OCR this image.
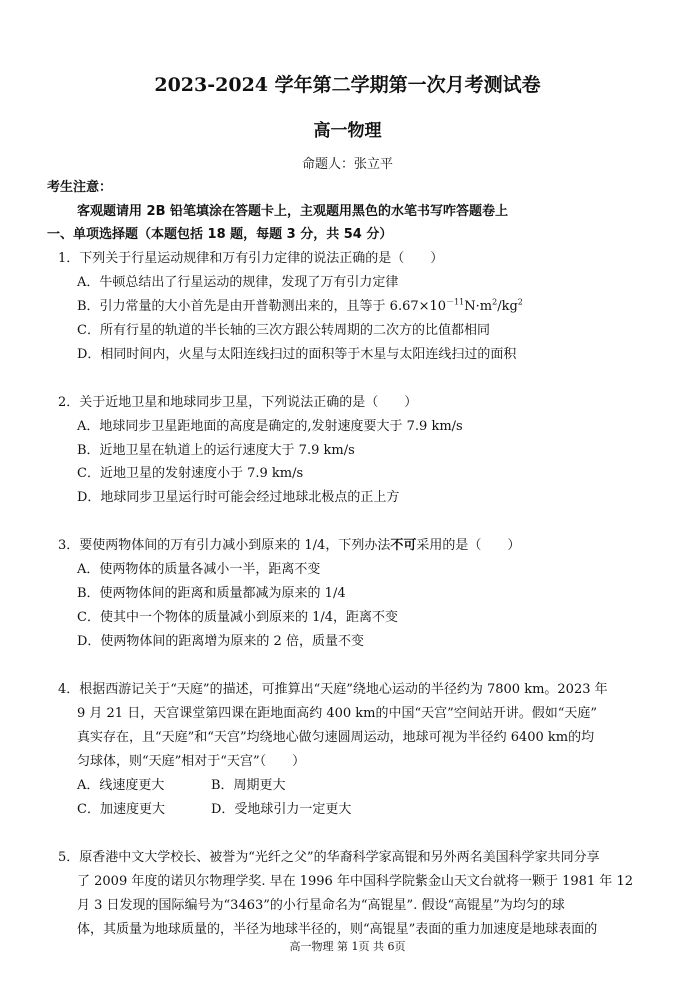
2023-2024 学年第二学期第一次月考测试卷
高一物理
命题人：张立平
考生注意：
客观题请用 2B 铅笔填涂在答题卡上，主观题用黑色的水笔书写咋答题卷上
一、单项选择题（本题包括 18 题，每题 3 分，共 54 分）
1．下列关于行星运动规律和万有引力定律的说法正确的是（　　）
A．牛顿总结出了行星运动的规律，发现了万有引力定律
B．引力常量的大小首先是由开普勒测出来的，且等于 $6.67\times 10^{-11}N\cdot m^2/kg^2$
C．所有行星的轨道的半长轴的三次方跟公转周期的二次方的比值都相同
D．相同时间内，火星与太阳连线扫过的面积等于木星与太阳连线扫过的面积
2．关于近地卫星和地球同步卫星，下列说法正确的是（　　）
A．地球同步卫星距地面的高度是确定的,发射速度要大于 7.9 km/s
B．近地卫星在轨道上的运行速度大于 7.9 km/s
C．近地卫星的发射速度小于 7.9 km/s
D．地球同步卫星运行时可能会经过地球北极点的正上方
3．要使两物体间的万有引力减小到原来的 1/4，下列办法不可采用的是（　　）
A．使两物体的质量各减小一半，距离不变
B．使两物体间的距离和质量都减为原来的 1/4
C．使其中一个物体的质量减小到原来的 1/4，距离不变
D．使两物体间的距离增为原来的 2 倍，质量不变
4．根据西游记关于“天庭”的描述，可推算出“天庭”绕地心运动的半径约为 7800 km。2023 年
9 月 21 日，天宫课堂第四课在距地面高约 400 km的中国“天宫”空间站开讲。假如“天庭”
真实存在，且“天庭”和“天宫”均绕地心做匀速圆周运动，地球可视为半径约 6400 km的均
匀球体，则“天庭”相对于“天宫”（　　）
A．线速度更大	B．周期更大
C．加速度更大	D．受地球引力一定更大
5．原香港中文大学校长、被誉为“光纤之父”的华裔科学家高锟和另外两名美国科学家共同分享
了 2009 年度的诺贝尔物理学奖. 早在 1996 年中国科学院紫金山天文台就将一颗于 1981 年 12
月 3 日发现的国际编号为“3463”的小行星命名为“高锟星”. 假设“高锟星”为均匀的球
体，其质量为地球质量的，半径为地球半径的，则“高锟星”表面的重力加速度是地球表面的
高一物理 第 1页 共 6页
